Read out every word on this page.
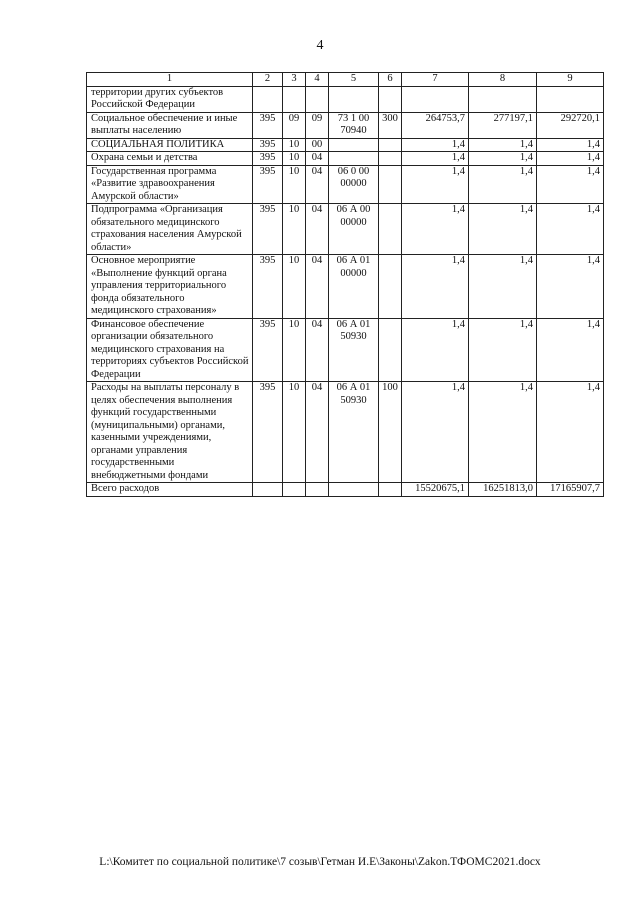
4
1	2	3	4	5	6	7	8	9
территории других субъектов Российской Федерации								
Социальное обеспечение и иные выплаты населению	395	09	09	73 1 00 70940	300	264753,7	277197,1	292720,1
СОЦИАЛЬНАЯ ПОЛИТИКА	395	10	00			1,4	1,4	1,4
Охрана семьи и детства	395	10	04			1,4	1,4	1,4
Государственная программа «Развитие здравоохранения Амурской области»	395	10	04	06 0 00 00000		1,4	1,4	1,4
Подпрограмма «Организация обязательного медицинского страхования населения Амурской области»	395	10	04	06 А 00 00000		1,4	1,4	1,4
Основное мероприятие «Выполнение функций органа управления территориального фонда обязательного медицинского страхования»	395	10	04	06 А 01 00000		1,4	1,4	1,4
Финансовое обеспечение организации обязательного медицинского страхования на территориях субъектов Российской Федерации	395	10	04	06 А 01 50930		1,4	1,4	1,4
Расходы на выплаты персоналу в целях обеспечения выполнения функций государственными (муниципальными) органами, казенными учреждениями, органами управления государственными внебюджетными фондами	395	10	04	06 А 01 50930	100	1,4	1,4	1,4
Всего расходов						15520675,1	16251813,0	17165907,7
L:\Комитет по социальной политике\7 созыв\Гетман И.Е\Законы\Zakon.ТФОМС2021.docx
